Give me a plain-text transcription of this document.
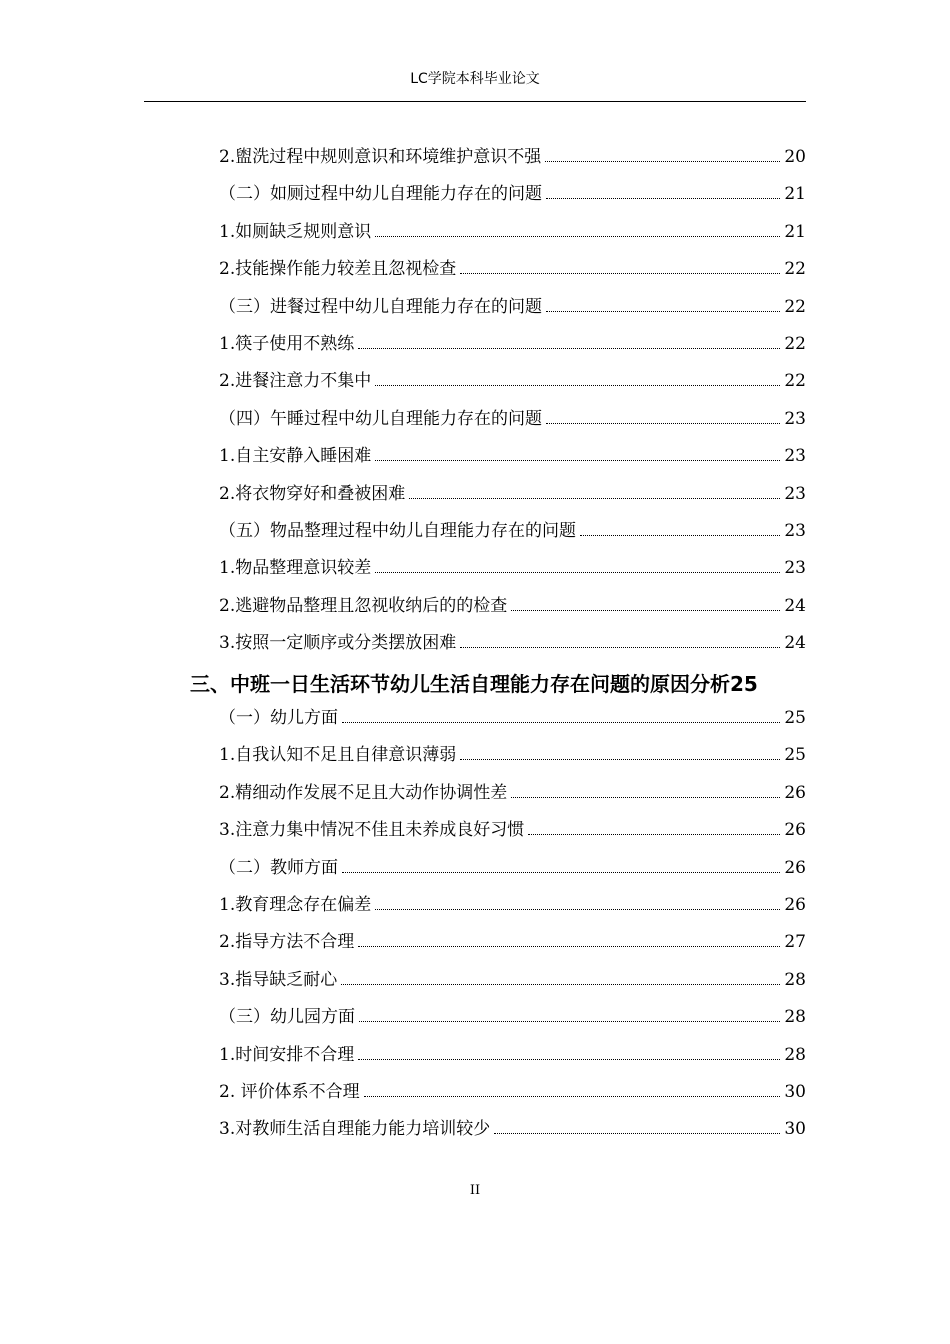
LC学院本科毕业论文
2.盥洗过程中规则意识和环境维护意识不强	20
（二）如厕过程中幼儿自理能力存在的问题	21
1.如厕缺乏规则意识	21
2.技能操作能力较差且忽视检查	22
（三）进餐过程中幼儿自理能力存在的问题	22
1.筷子使用不熟练	22
2.进餐注意力不集中	22
（四）午睡过程中幼儿自理能力存在的问题	23
1.自主安静入睡困难	23
2.将衣物穿好和叠被困难	23
（五）物品整理过程中幼儿自理能力存在的问题	23
1.物品整理意识较差	23
2.逃避物品整理且忽视收纳后的的检查	24
3.按照一定顺序或分类摆放困难	24
三、中班一日生活环节幼儿生活自理能力存在问题的原因分析 25
（一）幼儿方面	25
1.自我认知不足且自律意识薄弱	25
2.精细动作发展不足且大动作协调性差	26
3.注意力集中情况不佳且未养成良好习惯	26
（二）教师方面	26
1.教育理念存在偏差	26
2.指导方法不合理	27
3.指导缺乏耐心	28
（三）幼儿园方面	28
1.时间安排不合理	28
2. 评价体系不合理	30
3.对教师生活自理能力能力培训较少	30
II
